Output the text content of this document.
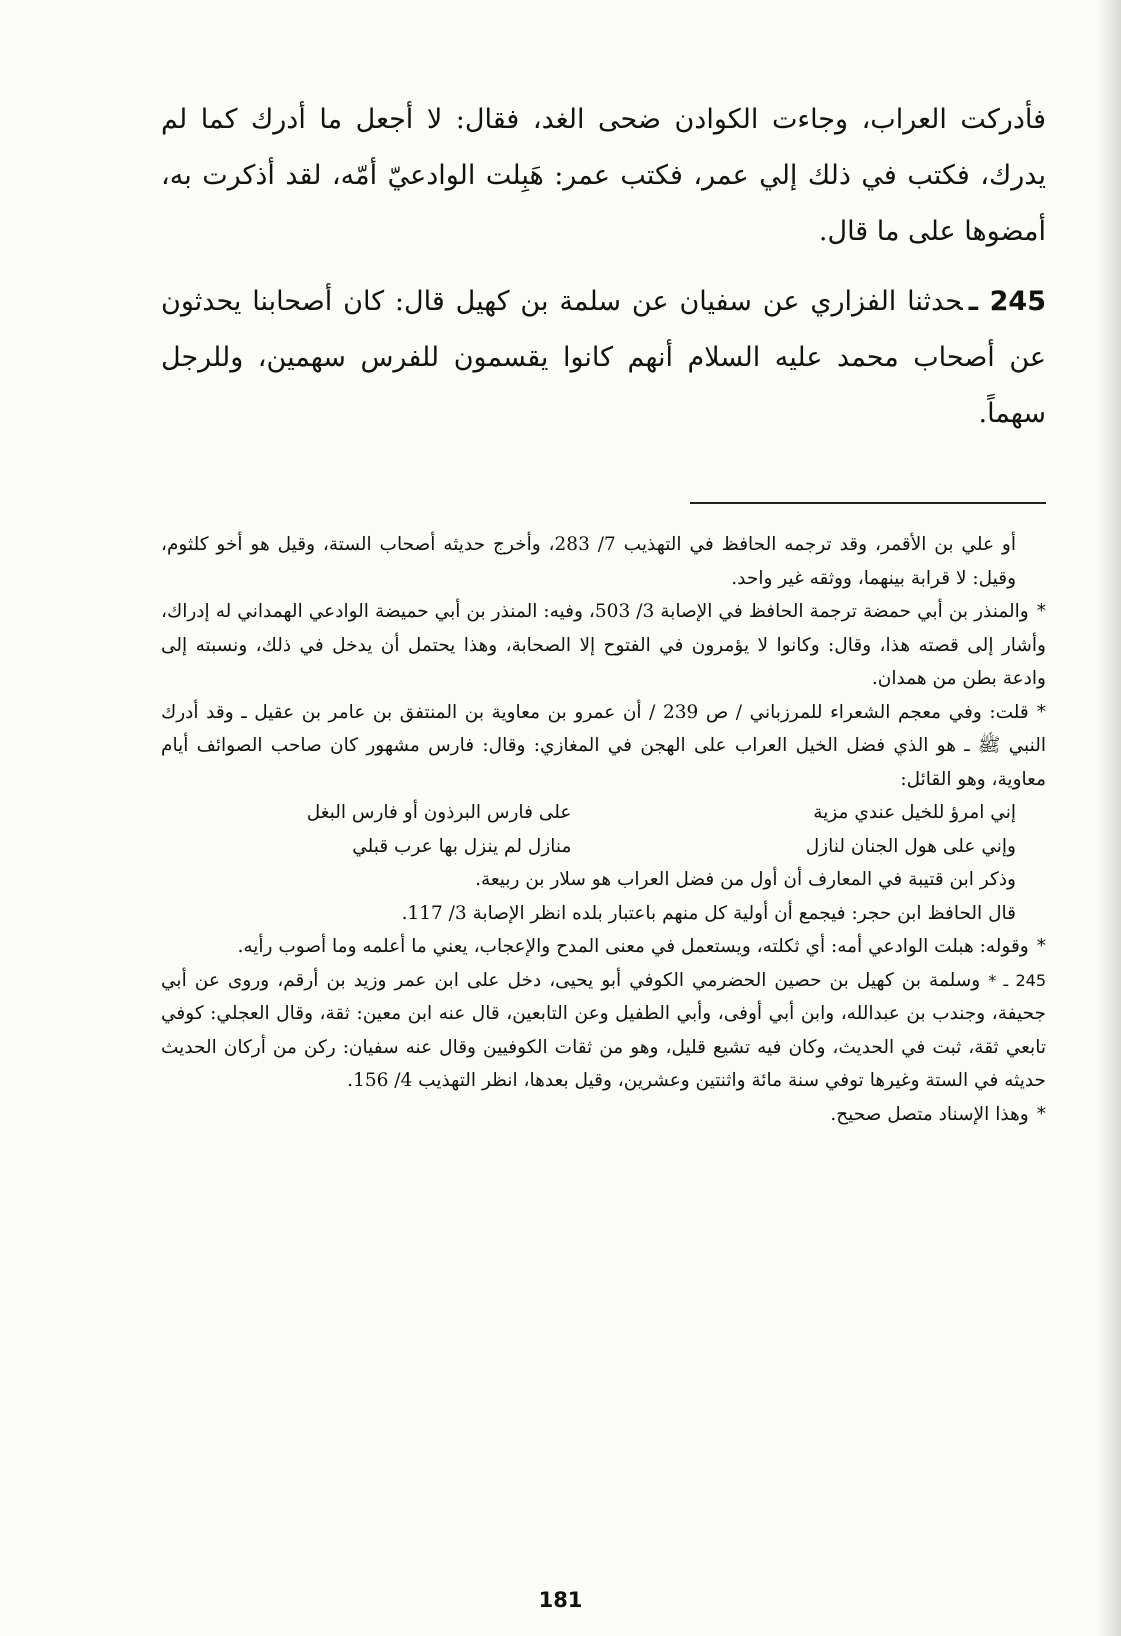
فأدركت العراب، وجاءت الكوادن ضحى الغد، فقال: لا أجعل ما أدرك كما لم يدرك، فكتب في ذلك إلي عمر، فكتب عمر: هَبِلت الوادعيّ أمّه، لقد أذكرت به، أمضوها على ما قال.

245 ـحدثنا الفزاري عن سفيان عن سلمة بن كهيل قال: كان أصحابنا يحدثون عن أصحاب محمد عليه السلام أنهم كانوا يقسمون للفرس سهمين، وللرجل سهماً.

أو علي بن الأقمر، وقد ترجمه الحافظ في التهذيب 7/ 283، وأخرج حديثه أصحاب الستة، وقيل هو أخو كلثوم، وقيل: لا قرابة بينهما، ووثقه غير واحد.

*والمنذر بن أبي حمضة ترجمة الحافظ في الإصابة 3/ 503، وفيه: المنذر بن أبي حميضة الوادعي الهمداني له إدراك، وأشار إلى قصته هذا، وقال: وكانوا لا يؤمرون في الفتوح إلا الصحابة، وهذا يحتمل أن يدخل في ذلك، ونسبته إلى وادعة بطن من همدان.

*قلت: وفي معجم الشعراء للمرزباني / ص 239 / أن عمرو بن معاوية بن المنتفق بن عامر بن عقيل ـ وقد أدرك النبي ﷺ ـ هو الذي فضل الخيل العراب على الهجن في المغازي: وقال: فارس مشهور كان صاحب الصوائف أيام معاوية، وهو القائل:

إني امرؤ للخيل عندي مزية
على فارس البرذون أو فارس البغل
وإني على هول الجنان لنازل
منازل لم ينزل بها عرب قبلي

وذكر ابن قتيبة في المعارف أن أول من فضل العراب هو سلار بن ربيعة.

قال الحافظ ابن حجر: فيجمع أن أولية كل منهم باعتبار بلده انظر الإصابة 3/ 117.

*وقوله: هبلت الوادعي أمه: أي ثكلته، ويستعمل في معنى المدح والإعجاب، يعني ما أعلمه وما أصوب رأيه.

245 ـ * وسلمة بن كهيل بن حصين الحضرمي الكوفي أبو يحيى، دخل على ابن عمر وزيد بن أرقم، وروى عن أبي جحيفة، وجندب بن عبدالله، وابن أبي أوفى، وأبي الطفيل وعن التابعين، قال عنه ابن معين: ثقة، وقال العجلي: كوفي تابعي ثقة، ثبت في الحديث، وكان فيه تشيع قليل، وهو من ثقات الكوفيين وقال عنه سفيان: ركن من أركان الحديث حديثه في الستة وغيرها توفي سنة مائة واثنتين وعشرين، وقيل بعدها، انظر التهذيب 4/ 156.

*وهذا الإسناد متصل صحيح.

181
